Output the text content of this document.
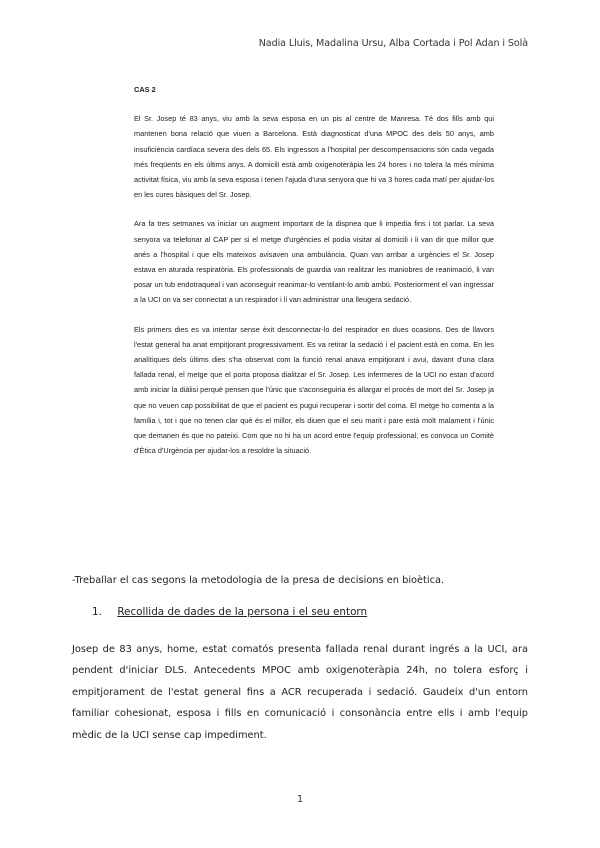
Nadia Lluis, Madalina Ursu, Alba Cortada i Pol Adan i Solà
CAS 2

El Sr. Josep té 83 anys, viu amb la seva esposa en un pis al centre de Manresa. Té dos fills amb qui mantenen bona relació que viuen a Barcelona. Està diagnosticat d'una MPOC des dels 50 anys, amb insuficiència cardíaca severa des dels 65. Els ingressos a l'hospital per descompensacions són cada vegada més freqüents en els últims anys. A domicili està amb oxigenoteràpia les 24 hores i no tolera la més mínima activitat física, viu amb la seva esposa i tenen l'ajuda d'una senyora que hi va 3 hores cada matí per ajudar-los en les cures bàsiques del Sr. Josep.

Ara fa tres setmanes va iniciar un augment important de la dispnea que li impedia fins i tot parlar. La seva senyora va telefonar al CAP per si el metge d'urgències el podia visitar al domicili i li van dir que millor que anés a l'hospital i que ells mateixos avisaven una ambulància. Quan van arribar a urgències el Sr. Josep estava en aturada respiratòria. Els professionals de guardia van realitzar les maniobres de reanimació, li van posar un tub endotraqueal i van aconseguir reanimar-lo ventilant-lo amb ambú. Posteriorment el van ingressar a la UCI on va ser connectat a un respirador i li van administrar una lleugera sedació.

Els primers dies es va intentar sense èxit desconnectar-lo del respirador en dues ocasions. Des de llavors l'estat general ha anat empitjorant progressivament. Es va retirar la sedació i el pacient està en coma. En les analítiques dels últims dies s'ha observat com la funció renal anava empitjorant i avui, davant d'una clara fallada renal, el metge que el porta proposa dialitzar el Sr. Josep. Les infermeres de la UCI no estan d'acord amb iniciar la diàlisi perquè pensen que l'únic que s'aconseguiria és allargar el procés de mort del Sr. Josep ja que no veuen cap possibilitat de que el pacient es pugui recuperar i sortir del coma. El metge ho comenta a la família i, tot i que no tenen clar què és el millor, els diuen que el seu marit i pare està molt malament i l'únic que demanen és que no pateixi. Com que no hi ha un acord entre l'equip professional, es convoca un Comitè d'Ètica d'Urgència per ajudar-los a resoldre la situació.

-Treballar el cas segons la metodologia de la presa de decisions en bioètica.
1. Recollida de dades de la persona i el seu entorn
Josep de 83 anys, home, estat comatós presenta fallada renal durant ingrés a la UCI, ara pendent d'iniciar DLS. Antecedents MPOC amb oxigenoteràpia 24h, no tolera esforç i empitjorament de l'estat general fins a ACR recuperada i sedació. Gaudeix d'un entorn familiar cohesionat, esposa i fills en comunicació i consonància entre ells i amb l'equip mèdic de la UCI sense cap impediment.
1
